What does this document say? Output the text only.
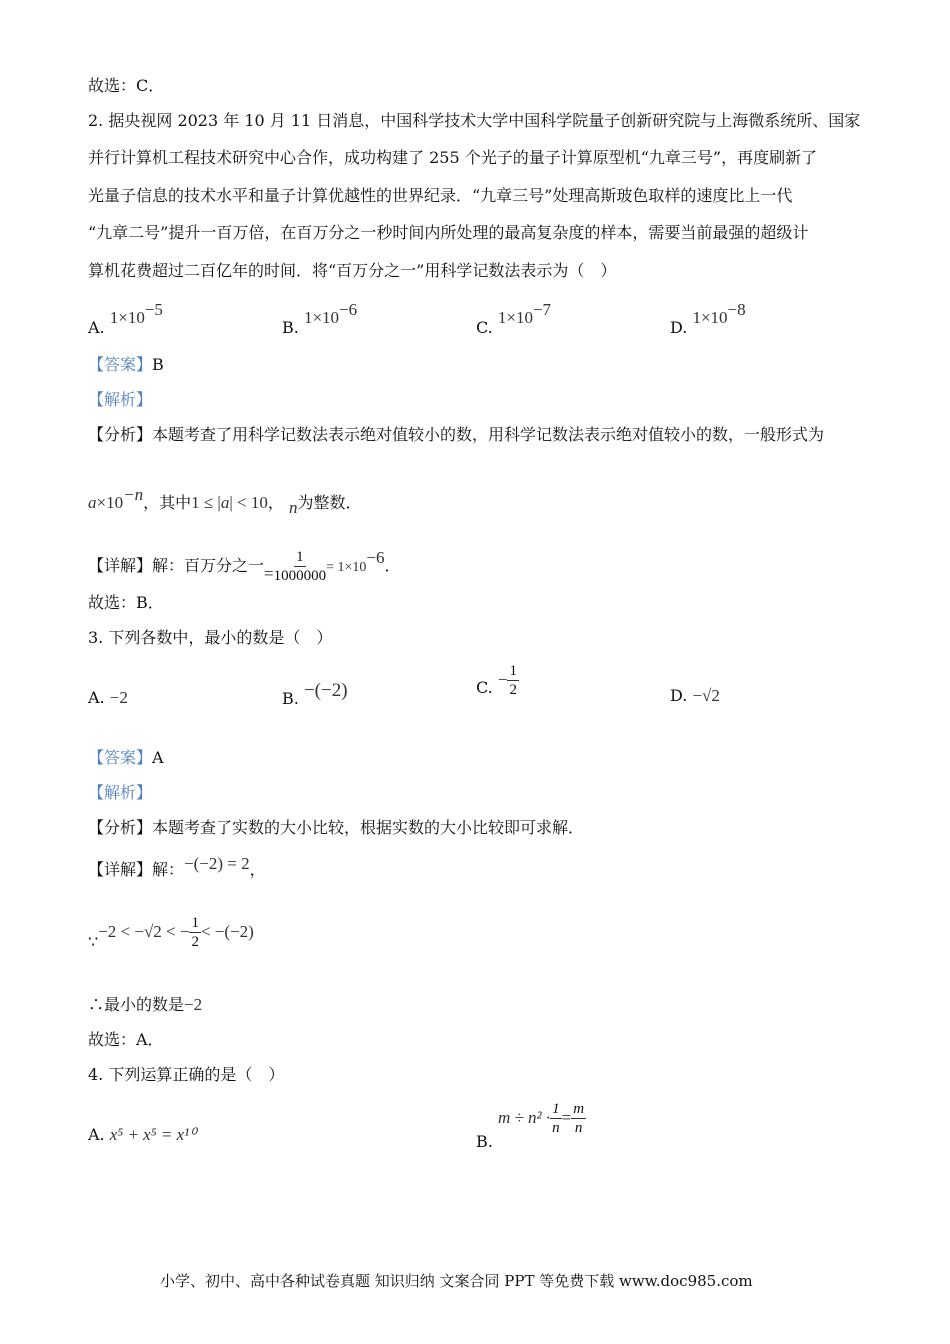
故选：C．
2. 据央视网 2023 年 10 月 11 日消息，中国科学技术大学中国科学院量子创新研究院与上海微系统所、国家
并行计算机工程技术研究中心合作，成功构建了 255 个光子的量子计算原型机“九章三号”，再度刷新了
光量子信息的技术水平和量子计算优越性的世界纪录．“九章三号”处理高斯玻色取样的速度比上一代
“九章二号”提升一百万倍，在百万分之一秒时间内所处理的最高复杂度的样本，需要当前最强的超级计
算机花费超过二百亿年的时间．将“百万分之一”用科学记数法表示为（　）
A. $1\times 10^{-5}$
B. $1\times 10^{-6}$
C. $1\times 10^{-7}$
D. $1\times 10^{-8}$
【答案】B
【解析】
【分析】本题考查了用科学记数法表示绝对值较小的数，用科学记数法表示绝对值较小的数，一般形式为
$a\times 10^{-n}$，其中1 ≤ |a| < 10， n为整数．
【详解】解：百万分之一= $\frac{1}{1000000} = 1\times 10^{-6}$．
故选：B．
3. 下列各数中，最小的数是（　）
A. −2	B. −(−2)	C. − $\frac{1}{2}$	D. −√2
【答案】A
【解析】
【分析】本题考查了实数的大小比较，根据实数的大小比较即可求解．
【详解】解：−(−2) = 2，
∵−2 < −√2 < − $\frac{1}{2} < -(-2)$
∴最小的数是−2
故选：A．
4. 下列运算正确的是（　）
A. x⁵ + x⁵ = x¹⁰	B. $m \div n^2 \cdot \frac{1}{n} = \frac{m}{n}$
小学、初中、高中各种试卷真题 知识归纳 文案合同 PPT 等免费下载 www.doc985.com
